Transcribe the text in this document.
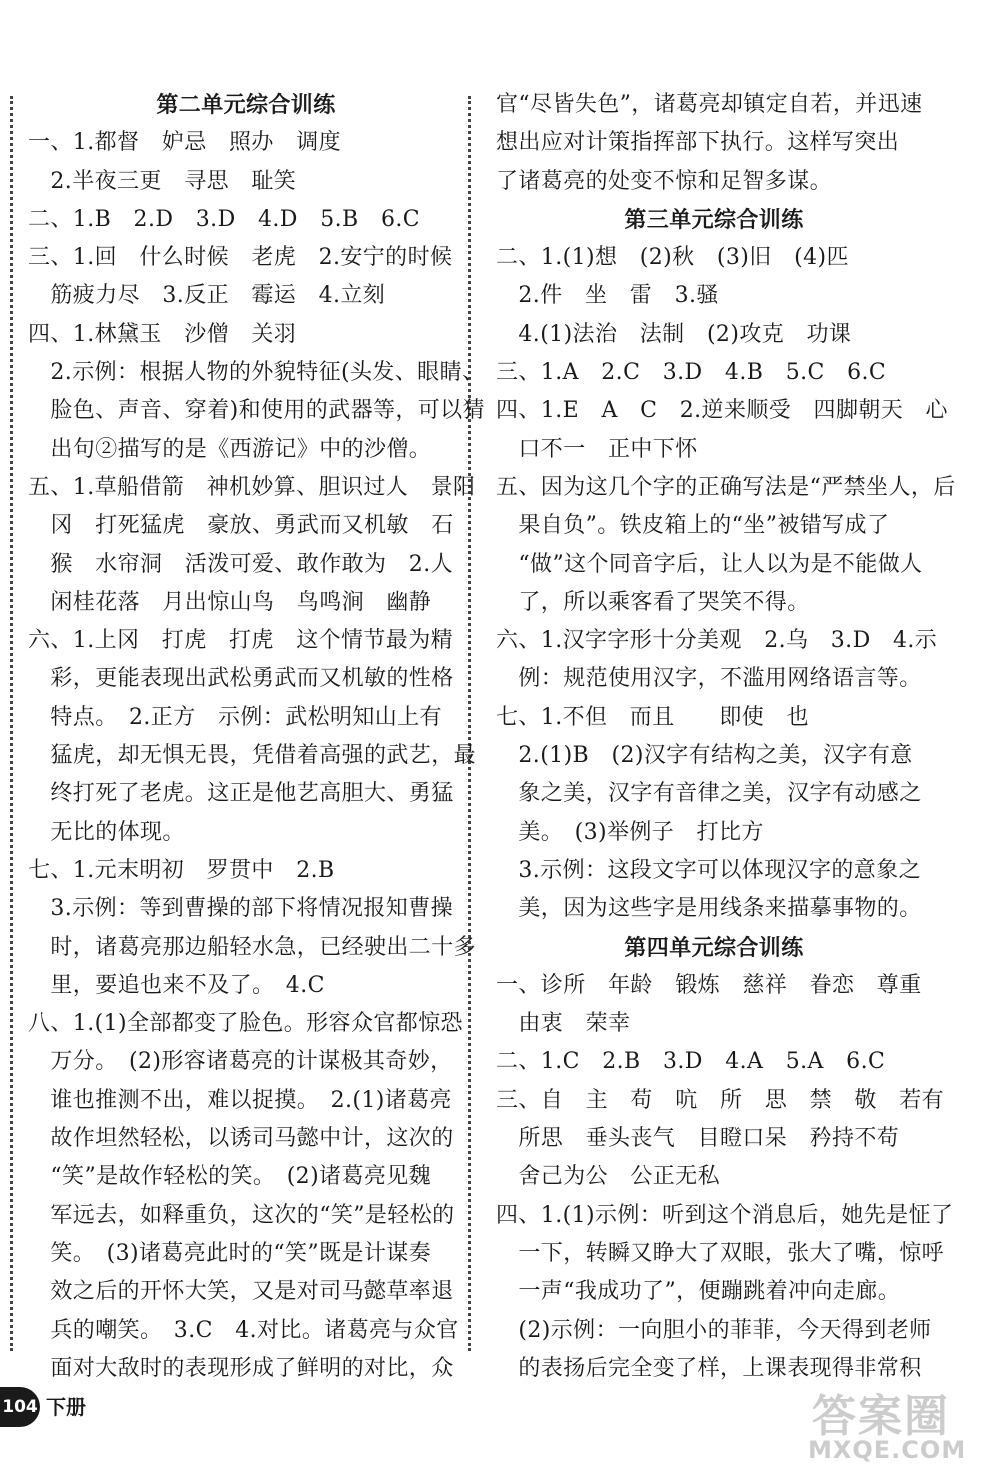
第二单元综合训练
一、1.都督　妒忌　照办　调度
　2.半夜三更　寻思　耻笑
二、1.B　2.D　3.D　4.D　5.B　6.C
三、1.回　什么时候　老虎　2.安宁的时候
　筋疲力尽　3.反正　霉运　4.立刻
四、1.林黛玉　沙僧　关羽
　2.示例：根据人物的外貌特征(头发、眼睛、
　脸色、声音、穿着)和使用的武器等，可以猜
　出句②描写的是《西游记》中的沙僧。
五、1.草船借箭　神机妙算、胆识过人　景阳
　冈　打死猛虎　豪放、勇武而又机敏　石
　猴　水帘洞　活泼可爱、敢作敢为　2.人
　闲桂花落　月出惊山鸟　鸟鸣涧　幽静
六、1.上冈　打虎　打虎　这个情节最为精
　彩，更能表现出武松勇武而又机敏的性格
　特点。　2.正方　示例：武松明知山上有
　猛虎，却无惧无畏，凭借着高强的武艺，最
　终打死了老虎。这正是他艺高胆大、勇猛
　无比的体现。
七、1.元末明初　罗贯中　2.B
　3.示例：等到曹操的部下将情况报知曹操
　时，诸葛亮那边船轻水急，已经驶出二十多
　里，要追也来不及了。　4.C
八、1.(1)全部都变了脸色。形容众官都惊恐
　万分。　(2)形容诸葛亮的计谋极其奇妙，
　谁也推测不出，难以捉摸。　2.(1)诸葛亮
　故作坦然轻松，以诱司马懿中计，这次的
　“笑”是故作轻松的笑。　(2)诸葛亮见魏
　军远去，如释重负，这次的“笑”是轻松的
　笑。　(3)诸葛亮此时的“笑”既是计谋奏
　效之后的开怀大笑，又是对司马懿草率退
　兵的嘲笑。　3.C　4.对比。诸葛亮与众官
　面对大敌时的表现形成了鲜明的对比，众
官“尽皆失色”，诸葛亮却镇定自若，并迅速
想出应对计策指挥部下执行。这样写突出
了诸葛亮的处变不惊和足智多谋。
第三单元综合训练
二、1.(1)想　(2)秋　(3)旧　(4)匹
　2.件　坐　雷　3.骚
　4.(1)法治　法制　(2)攻克　功课
三、1.A　2.C　3.D　4.B　5.C　6.C
四、1.E　A　C　2.逆来顺受　四脚朝天　心
　口不一　正中下怀
五、因为这几个字的正确写法是“严禁坐人，后
　果自负”。铁皮箱上的“坐”被错写成了
　“做”这个同音字后，让人以为是不能做人
　了，所以乘客看了哭笑不得。
六、1.汉字字形十分美观　2.乌　3.D　4.示
　例：规范使用汉字，不滥用网络语言等。
七、1.不但　而且　　即使　也
　2.(1)B　(2)汉字有结构之美，汉字有意
　象之美，汉字有音律之美，汉字有动感之
　美。　(3)举例子　打比方
　3.示例：这段文字可以体现汉字的意象之
　美，因为这些字是用线条来描摹事物的。
第四单元综合训练
一、诊所　年龄　锻炼　慈祥　眷恋　尊重
　由衷　荣幸
二、1.C　2.B　3.D　4.A　5.A　6.C
三、自　主　苟　吭　所　思　禁　敬　若有
　所思　垂头丧气　目瞪口呆　矜持不苟
　舍己为公　公正无私
四、1.(1)示例：听到这个消息后，她先是怔了
　一下，转瞬又睁大了双眼，张大了嘴，惊呼
　一声“我成功了”，便蹦跳着冲向走廊。
　(2)示例：一向胆小的菲菲，今天得到老师
　的表扬后完全变了样，上课表现得非常积
104 下册	答案圈
MXQE.COM
